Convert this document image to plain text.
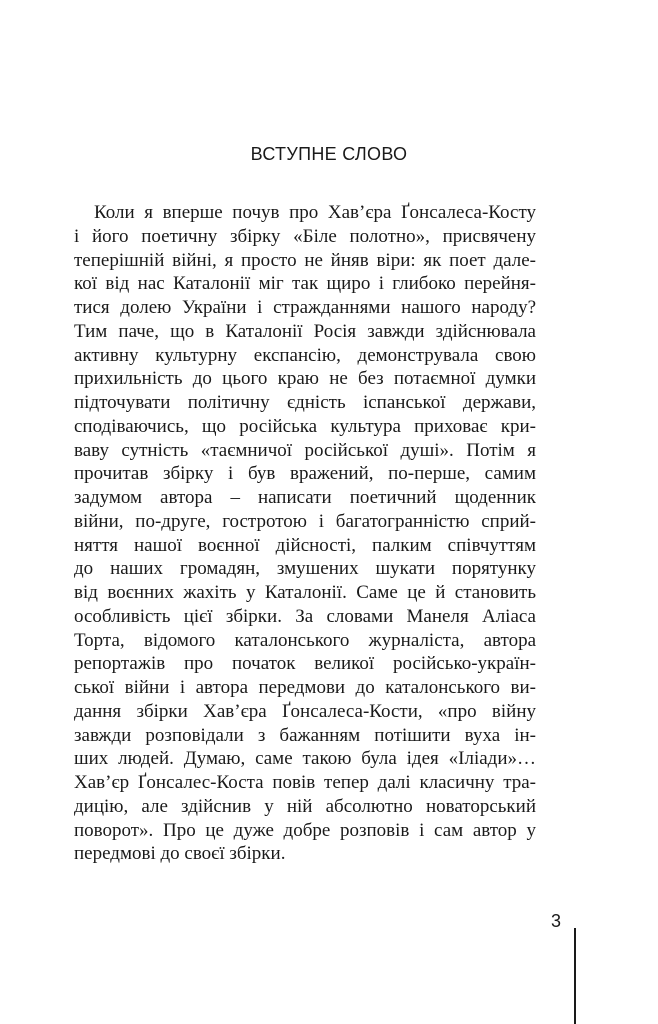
ВСТУПНЕ СЛОВО
Коли я вперше почув про Хав’єра Ґонсалеса-Косту
і його поетичну збірку «Біле полотно», присвячену
теперішній війні, я просто не йняв віри: як поет дале-
кої від нас Каталонії міг так щиро і глибоко перейня-
тися долею України і стражданнями нашого народу?
Тим паче, що в Каталонії Росія завжди здійснювала
активну культурну експансію, демонструвала свою
прихильність до цього краю не без потаємної думки
підточувати політичну єдність іспанської держави,
сподіваючись, що російська культура приховає кри-
ваву сутність «таємничої російської душі». Потім я
прочитав збірку і був вражений, по-перше, самим
задумом автора – написати поетичний щоденник
війни, по-друге, гостротою і багатогранністю сприй-
няття нашої воєнної дійсності, палким співчуттям
до наших громадян, змушених шукати порятунку
від воєнних жахіть у Каталонії. Саме це й становить
особливість цієї збірки. За словами Манеля Аліаса
Торта, відомого каталонського журналіста, автора
репортажів про початок великої російсько-україн-
ської війни і автора передмови до каталонського ви-
дання збірки Хав’єра Ґонсалеса-Кости, «про війну
завжди розповідали з бажанням потішити вуха ін-
ших людей. Думаю, саме такою була ідея «Іліади»…
Хав’єр Ґонсалес-Коста повів тепер далі класичну тра-
дицію, але здійснив у ній абсолютно новаторський
поворот». Про це дуже добре розповів і сам автор у
передмові до своєї збірки.
3
